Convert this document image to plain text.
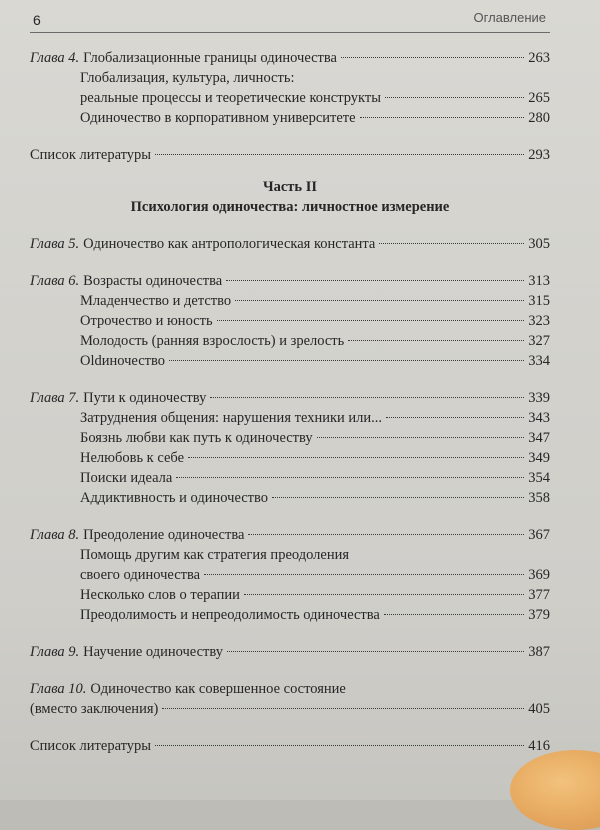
6	Оглавление
Глава 4. Глобализационные границы одиночества	263
Глобализация, культура, личность:
реальные процессы и теоретические конструкты	265
Одиночество в корпоративном университете	280
Список литературы	293
Часть II
Психология одиночества: личностное измерение
Глава 5. Одиночество как антропологическая константа	305
Глава 6. Возрасты одиночества	313
Младенчество и детство	315
Отрочество и юность	323
Молодость (ранняя взрослость) и зрелость	327
Oldиночество	334
Глава 7. Пути к одиночеству	339
Затруднения общения: нарушения техники или...	343
Боязнь любви как путь к одиночеству	347
Нелюбовь к себе	349
Поиски идеала	354
Аддиктивность и одиночество	358
Глава 8. Преодоление одиночества	367
Помощь другим как стратегия преодоления
своего одиночества	369
Несколько слов о терапии	377
Преодолимость и непреодолимость одиночества	379
Глава 9. Научение одиночеству	387
Глава 10. Одиночество как совершенное состояние
(вместо заключения)	405
Список литературы	416
